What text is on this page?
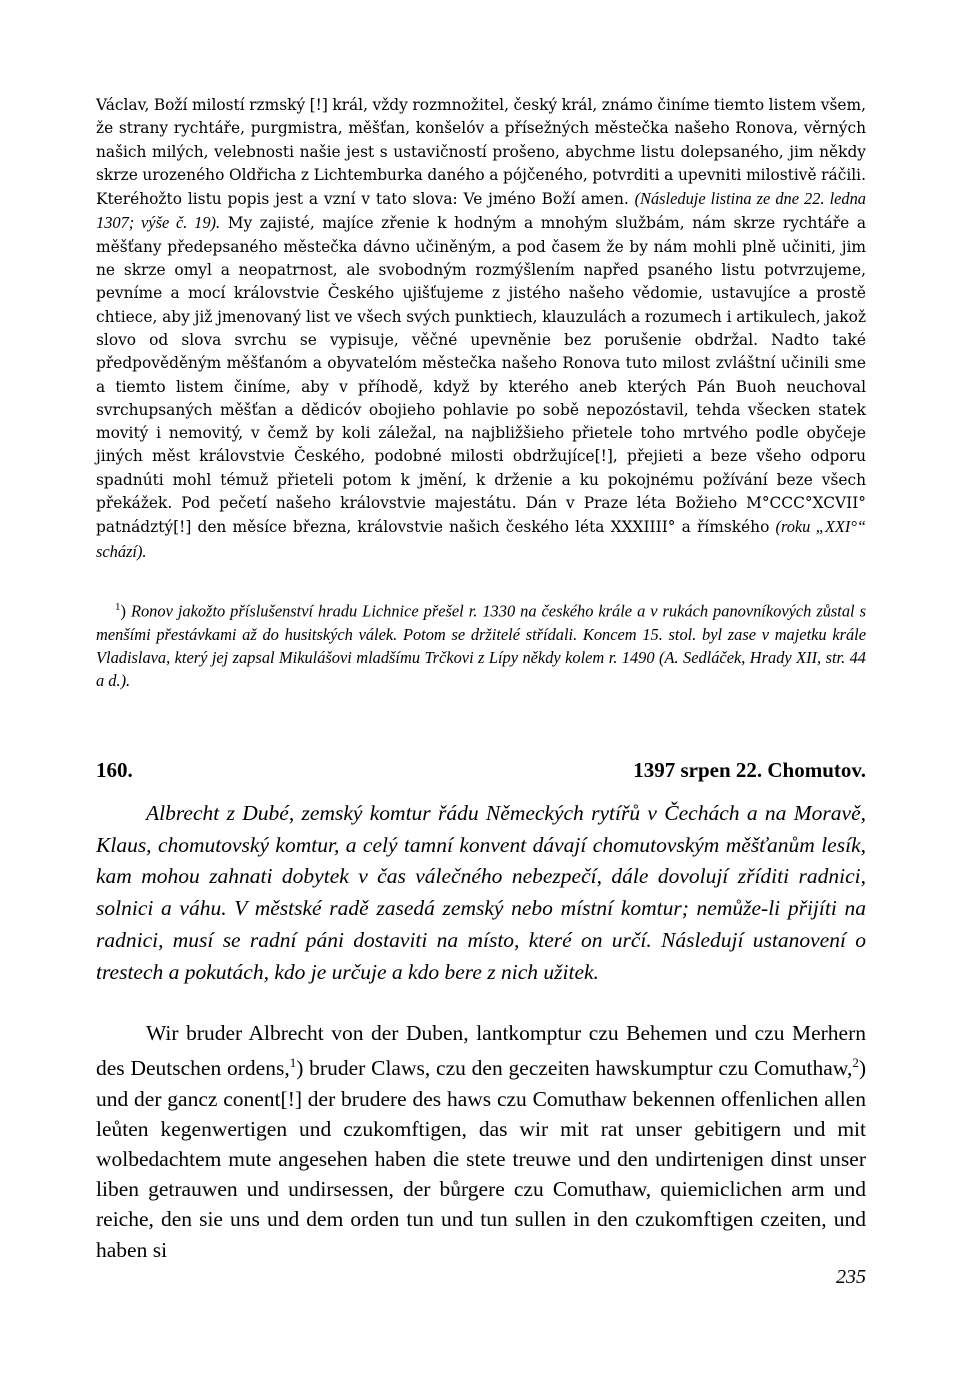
Václav, Boží milostí rzmský [!] král, vždy rozmnožitel, český král, známo činíme tiemto listem všem, že strany rychtáře, purgmistra, měšťan, konšelóv a přísežných městečka našeho Ronova, věrných našich milých, velebnosti našie jest s ustavičností prošeno, abychme listu dolepsaného, jim někdy skrze urozeného Oldřicha z Lichtemburka daného a pójčeného, potvrditi a upevniti milostivě ráčili. Kteréhožto listu popis jest a vzní v tato slova: Ve jméno Boží amen. (Následuje listina ze dne 22. ledna 1307; výše č. 19). My zajisté, majíce zřenie k hodným a mnohým službám, nám skrze rychtáře a měšťany předepsaného městečka dávno učiněným, a pod časem že by nám mohli plně učiniti, jim ne skrze omyl a neopatrnost, ale svobodným rozmýšlením napřed psaného listu potvrzujeme, pevníme a mocí královstvie Českého ujišťujeme z jistého našeho vědomie, ustavujíce a prostě chtiece, aby již jmenovaný list ve všech svých punktiech, klauzulách a rozumech i artikulech, jakož slovo od slova svrchu se vypisuje, věčné upevněnie bez porušenie obdržal. Nadto také předpověděným měšťanóm a obyvatelóm městečka našeho Ronova tuto milost zvláštní učinili sme a tiemto listem činíme, aby v příhodě, když by kterého aneb kterých Pán Buoh neuchoval svrchupsaných měšťan a dědicóv obojieho pohlavie po sobě nepozóstavil, tehda všecken statek movitý i nemovitý, v čemž by koli záležal, na najbližšieho přietele toho mrtvého podle obyčeje jiných měst královstvie Českého, podobné milosti obdržujíce[!], přejieti a beze všeho odporu spadnúti mohl témuž přieteli potom k jmění, k drženie a ku pokojnému požívání beze všech překážek. Pod pečetí našeho královstvie majestátu. Dán v Praze léta Božieho M°CCC°XCVII° patnádztý[!] den měsíce března, královstvie našich českého léta XXXIIII° a římského (roku „XXI°“ schází).

$^1$) Ronov jakožto příslušenství hradu Lichnice přešel r. 1330 na českého krále a v rukách panovníkových zůstal s menšími přestávkami až do husitských válek. Potom se držitelé střídali. Koncem 15. stol. byl zase v majetku krále Vladislava, který jej zapsal Mikulášovi mladšímu Trčkovi z Lípy někdy kolem r. 1490 (A. Sedláček, Hrady XII, str. 44 a d.).

160.	1397 srpen 22. Chomutov.

Albrecht z Dubé, zemský komtur řádu Německých rytířů v Čechách a na Moravě, Klaus, chomutovský komtur, a celý tamní konvent dávají chomutovským měšťanům lesík, kam mohou zahnati dobytek v čas válečného nebezpečí, dále dovolují zříditi radnici, solnici a váhu. V městské radě zasedá zemský nebo místní komtur; nemůže-li přijíti na radnici, musí se radní páni dostaviti na místo, které on určí. Následují ustanovení o trestech a pokutách, kdo je určuje a kdo bere z nich užitek.

Wir bruder Albrecht von der Duben, lantkomptur czu Behemen und czu Merhern des Deutschen ordens,$^1$) bruder Claws, czu den geczeiten hawskumptur czu Comuthaw,$^2$) und der gancz conent[!] der brudere des haws czu Comuthaw bekennen offenlichen allen leůten kegenwertigen und czukomftigen, das wir mit rat unser gebitigern und mit wolbedachtem mute angesehen haben die stete treuwe und den undirtenigen dinst unser liben getrauwen und undirsessen, der bůrgere czu Comuthaw, quiemiclichen arm und reiche, den sie uns und dem orden tun und tun sullen in den czukomftigen czeiten, und haben si

235
